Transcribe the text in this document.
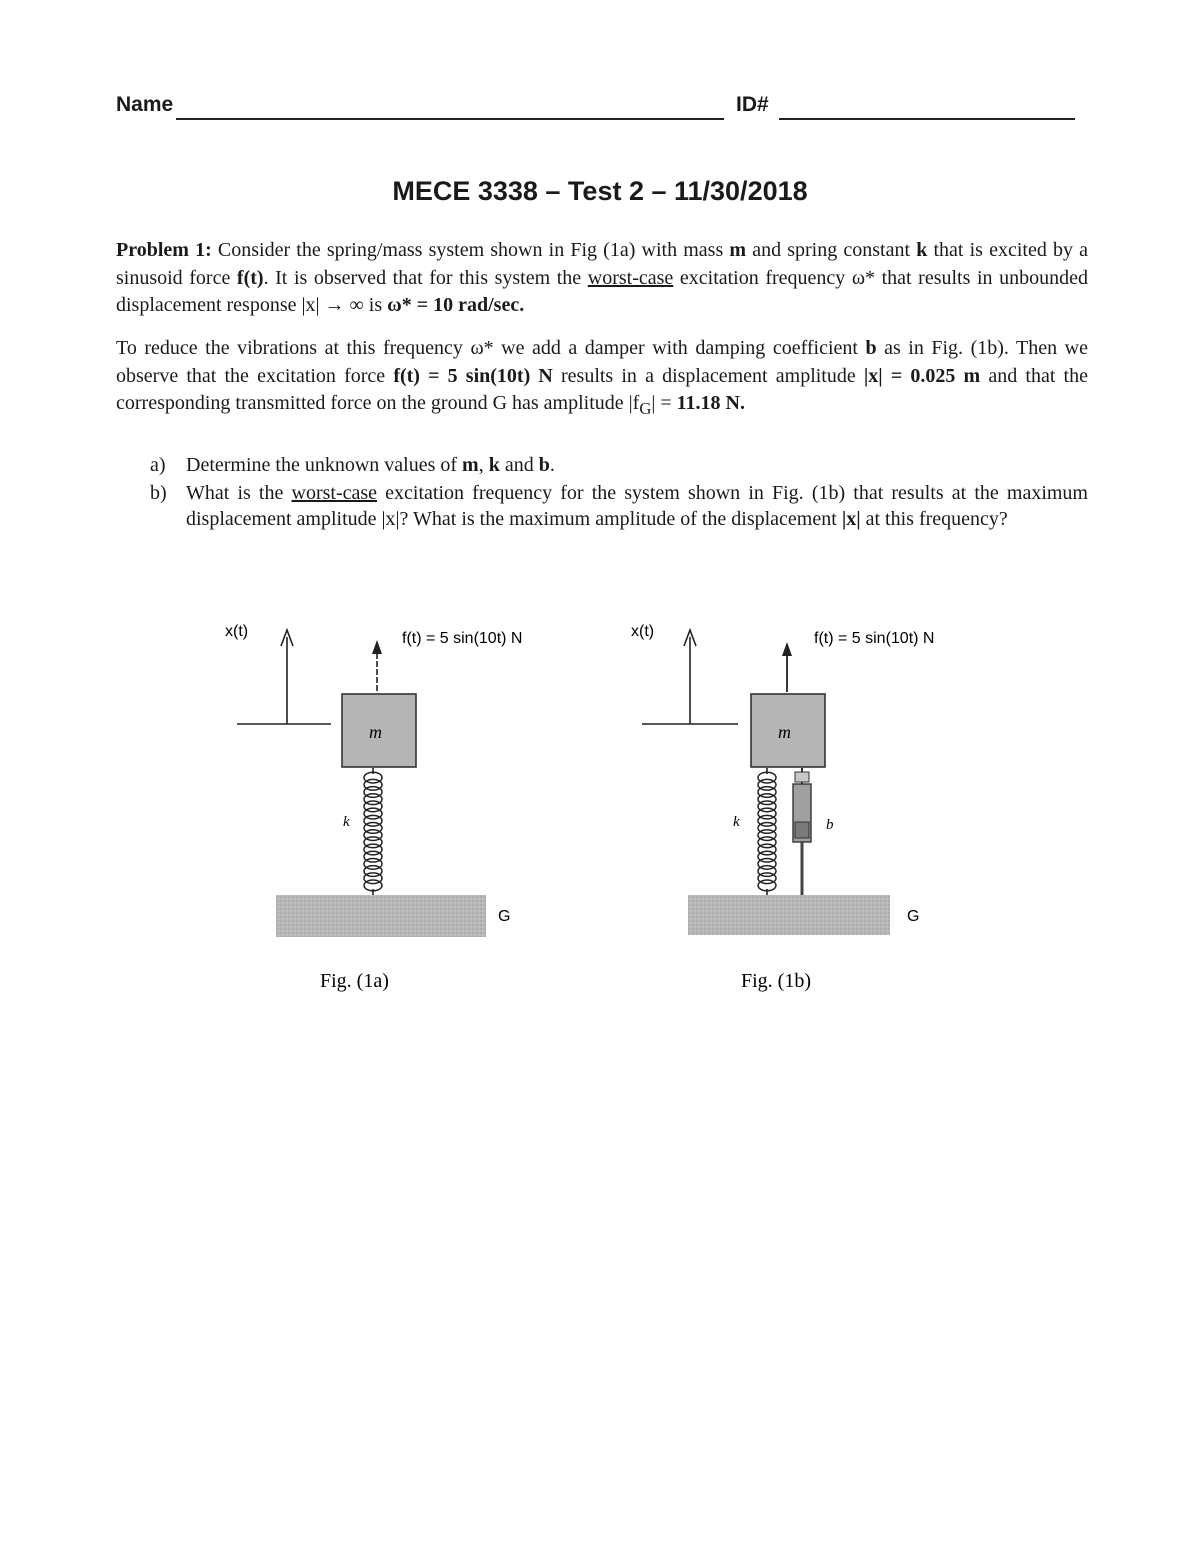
Name	ID#
MECE 3338 – Test 2 – 11/30/2018
Problem 1: Consider the spring/mass system shown in Fig (1a) with mass m and spring constant k that is excited by a sinusoid force f(t). It is observed that for this system the worst-case excitation frequency ω* that results in unbounded displacement response |x| → ∞ is ω* = 10 rad/sec.
To reduce the vibrations at this frequency ω* we add a damper with damping coefficient b as in Fig. (1b). Then we observe that the excitation force f(t) = 5 sin(10t) N results in a displacement amplitude |x| = 0.025 m and that the corresponding transmitted force on the ground G has amplitude $|f_G| = 11.18$ N.
a) Determine the unknown values of m, k and b.
b) What is the worst-case excitation frequency for the system shown in Fig. (1b) that results at the maximum displacement amplitude |x|? What is the maximum amplitude of the displacement |x| at this frequency?
x(t)	f(t) = 5 sin(10t) N
m
k
G
Fig. (1a)
x(t)	f(t) = 5 sin(10t) N
m
k	b
G
Fig. (1b)
